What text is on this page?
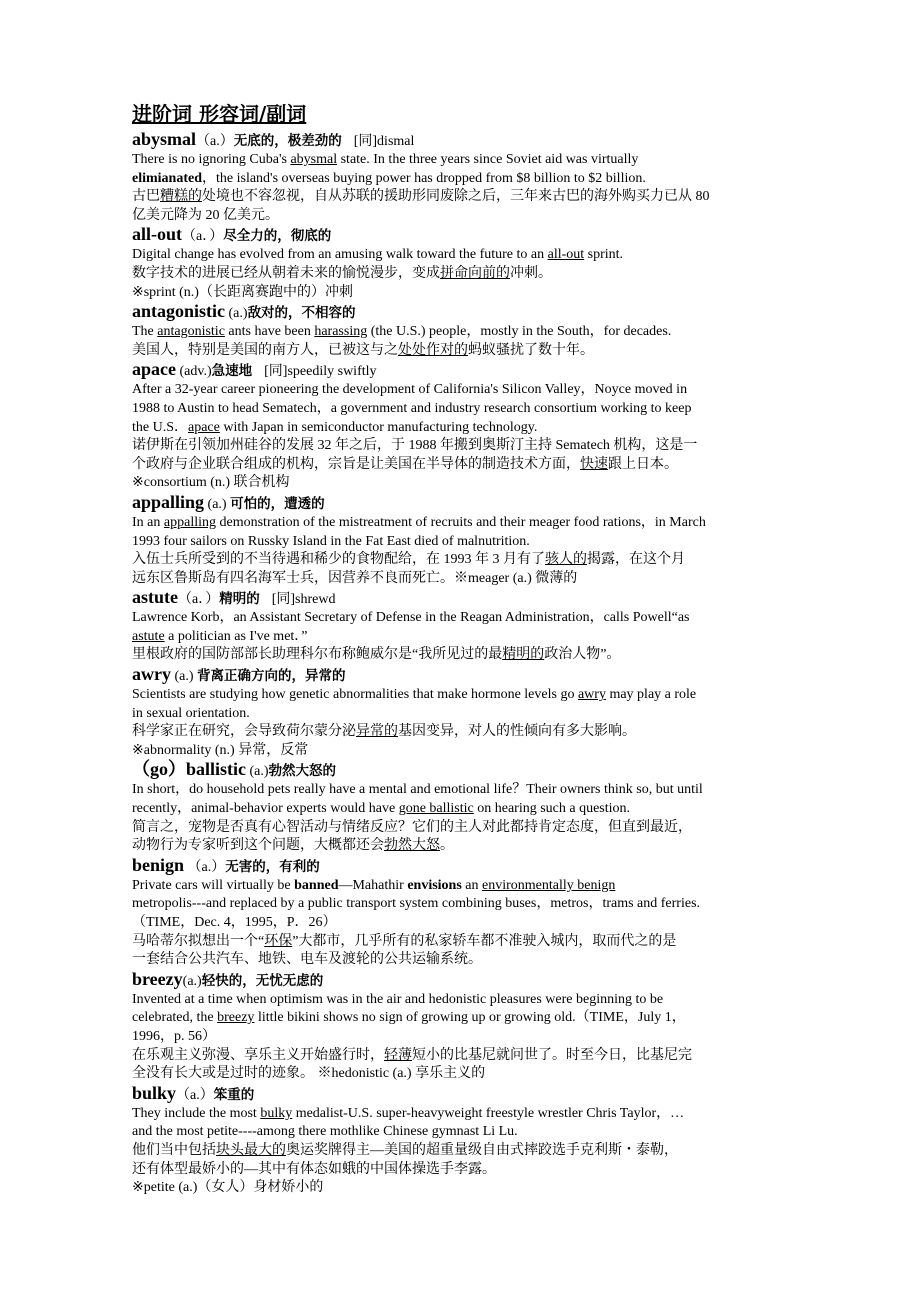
进阶词 形容词/副词
abysmal（a.）无底的，极差劲的 [同]dismal
There is no ignoring Cuba's abysmal state. In the three years since Soviet aid was virtually
elimianated，the island's overseas buying power has dropped from $8 billion to $2 billion.
古巴糟糕的处境也不容忽视，自从苏联的援助形同废除之后，三年来古巴的海外购买力已从 80
亿美元降为 20 亿美元。
all-out（a．）尽全力的，彻底的
Digital change has evolved from an amusing walk toward the future to an all-out sprint.
数字技术的进展已经从朝着未来的愉悦漫步，变成拼命向前的冲刺。
※sprint (n.)（长距离赛跑中的）冲刺
antagonistic (a.)敌对的，不相容的
The antagonistic ants have been harassing (the U.S.) people，mostly in the South，for decades.
美国人，特别是美国的南方人，已被这与之处处作对的蚂蚁骚扰了数十年。
apace (adv.)急速地 [同]speedily swiftly
After a 32-year career pioneering the development of California's Silicon Valley，Noyce moved in
1988 to Austin to head Sematech，a government and industry research consortium working to keep
the U.S．apace with Japan in semiconductor manufacturing technology.
诺伊斯在引领加州硅谷的发展 32 年之后，于 1988 年搬到奥斯汀主持 Sematech 机构，这是一
个政府与企业联合组成的机构，宗旨是让美国在半导体的制造技术方面，快速跟上日本。
※consortium (n.) 联合机构
appalling (a.) 可怕的，遭透的
In an appalling demonstration of the mistreatment of recruits and their meager food rations，in March
1993 four sailors on Russky Island in the Fat East died of malnutrition.
入伍士兵所受到的不当待遇和稀少的食物配给，在 1993 年 3 月有了骇人的揭露，在这个月
远东区鲁斯岛有四名海军士兵，因营养不良而死亡。※meager (a.) 微薄的
astute（a．）精明的 [同]shrewd
Lawrence Korb，an Assistant Secretary of Defense in the Reagan Administration，calls Powell“as
astute a politician as I've met．”
里根政府的国防部部长助理科尔布称鲍威尔是“我所见过的最精明的政治人物”。
awry (a.) 背离正确方向的，异常的
Scientists are studying how genetic abnormalities that make hormone levels go awry may play a role
in sexual orientation.
科学家正在研究，会导致荷尔蒙分泌异常的基因变异，对人的性倾向有多大影响。
※abnormality (n.) 异常，反常
（go）ballistic (a.)勃然大怒的
In short，do household pets really have a mental and emotional life？Their owners think so, but until
recently，animal-behavior experts would have gone ballistic on hearing such a question.
简言之，宠物是否真有心智活动与情绪反应？它们的主人对此都持肯定态度，但直到最近，
动物行为专家听到这个问题，大概都还会勃然大怒。
benign （a.）无害的，有利的
Private cars will virtually be banned—Mahathir envisions an environmentally benign
metropolis---and replaced by a public transport system combining buses，metros，trams and ferries.
（TIME，Dec. 4，1995，P．26）
马哈蒂尔拟想出一个“环保”大都市，几乎所有的私家轿车都不准驶入城内，取而代之的是
一套结合公共汽车、地铁、电车及渡轮的公共运输系统。
breezy(a.)轻快的，无忧无虑的
Invented at a time when optimism was in the air and hedonistic pleasures were beginning to be
celebrated, the breezy little bikini shows no sign of growing up or growing old.（TIME，July 1，
1996，p. 56）
在乐观主义弥漫、享乐主义开始盛行时，轻薄短小的比基尼就问世了。时至今日，比基尼完
全没有长大或是过时的迹象。 ※hedonistic (a.) 享乐主义的
bulky（a.）笨重的
They include the most bulky medalist-U.S. super-heavyweight freestyle wrestler Chris Taylor，…
and the most petite----among there mothlike Chinese gymnast Li Lu.
他们当中包括块头最大的奥运奖牌得主—美国的超重量级自由式摔跤选手克利斯・泰勒，
还有体型最娇小的—其中有体态如蛾的中国体操选手李露。
※petite (a.)（女人）身材娇小的
